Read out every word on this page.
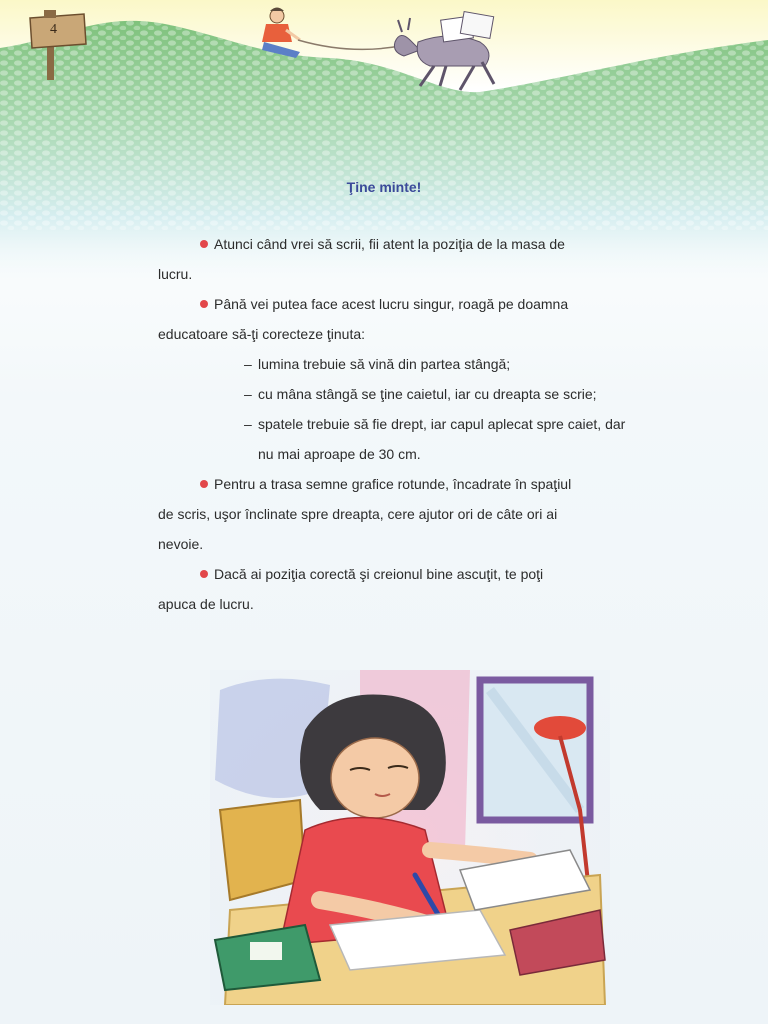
4
Ţine minte!

Atunci când vrei să scrii, fii atent la poziţia de la masa de
lucru.

Până vei putea face acest lucru singur, roagă pe doamna
educatoare să-ţi corecteze ţinuta:

– lumina trebuie să vină din partea stângă;
– cu mâna stângă se ţine caietul, iar cu dreapta se scrie;
– spatele trebuie să fie drept, iar capul aplecat spre caiet, dar nu mai aproape de 30 cm.

Pentru a trasa semne grafice rotunde, încadrate în spaţiul
de scris, uşor înclinate spre dreapta, cere ajutor ori de câte ori ai
nevoie.

Dacă ai poziţia corectă şi creionul bine ascuţit, te poţi
apuca de lucru.
